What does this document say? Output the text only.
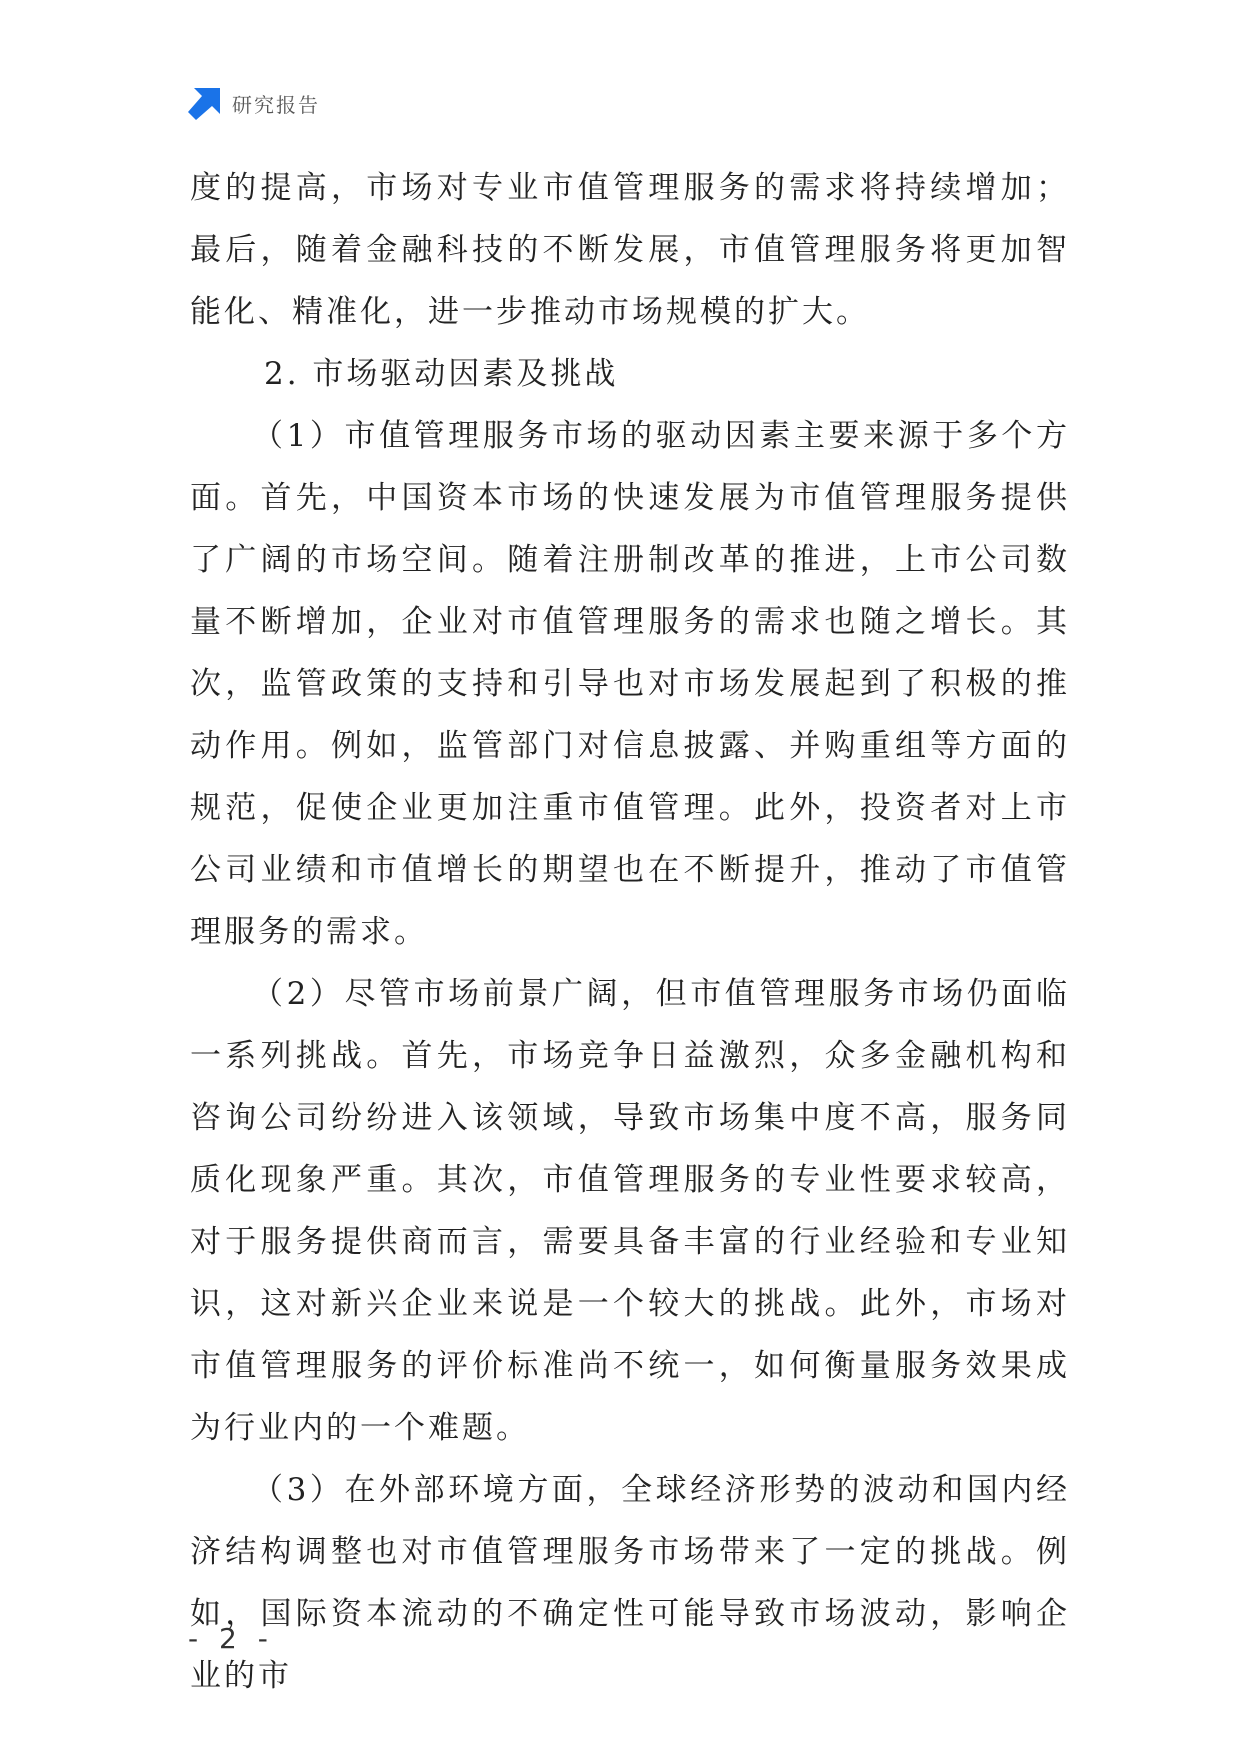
研究报告

度的提高，市场对专业市值管理服务的需求将持续增加；最后，随着金融科技的不断发展，市值管理服务将更加智能化、精准化，进一步推动市场规模的扩大。

2. 市场驱动因素及挑战

（1）市值管理服务市场的驱动因素主要来源于多个方面。首先，中国资本市场的快速发展为市值管理服务提供了广阔的市场空间。随着注册制改革的推进，上市公司数量不断增加，企业对市值管理服务的需求也随之增长。其次，监管政策的支持和引导也对市场发展起到了积极的推动作用。例如，监管部门对信息披露、并购重组等方面的规范，促使企业更加注重市值管理。此外，投资者对上市公司业绩和市值增长的期望也在不断提升，推动了市值管理服务的需求。

（2）尽管市场前景广阔，但市值管理服务市场仍面临一系列挑战。首先，市场竞争日益激烈，众多金融机构和咨询公司纷纷进入该领域，导致市场集中度不高，服务同质化现象严重。其次，市值管理服务的专业性要求较高，对于服务提供商而言，需要具备丰富的行业经验和专业知识，这对新兴企业来说是一个较大的挑战。此外，市场对市值管理服务的评价标准尚不统一，如何衡量服务效果成为行业内的一个难题。

（3）在外部环境方面，全球经济形势的波动和国内经济结构调整也对市值管理服务市场带来了一定的挑战。例如，国际资本流动的不确定性可能导致市场波动，影响企业的市

- 2 -
